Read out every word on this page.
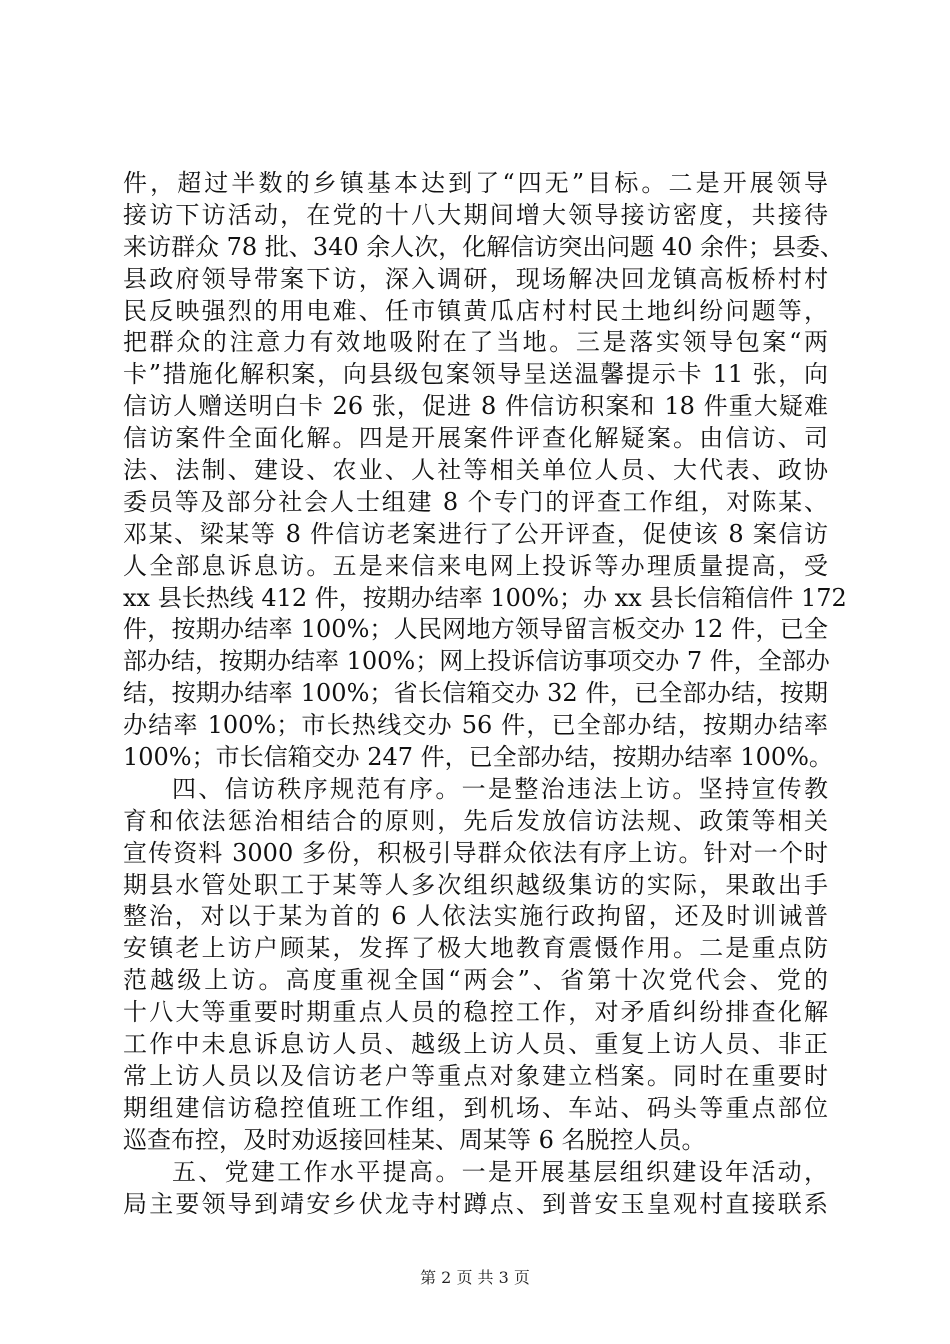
件，超过半数的乡镇基本达到了“四无”目标。二是开展领导
接访下访活动，在党的十八大期间增大领导接访密度，共接待
来访群众 78 批、340 余人次，化解信访突出问题 40 余件；县委、
县政府领导带案下访，深入调研，现场解决回龙镇高板桥村村
民反映强烈的用电难、任市镇黄瓜店村村民土地纠纷问题等，
把群众的注意力有效地吸附在了当地。三是落实领导包案“两
卡”措施化解积案，向县级包案领导呈送温馨提示卡 11 张，向
信访人赠送明白卡 26 张，促进 8 件信访积案和 18 件重大疑难
信访案件全面化解。四是开展案件评查化解疑案。由信访、司
法、法制、建设、农业、人社等相关单位人员、大代表、政协
委员等及部分社会人士组建 8 个专门的评查工作组，对陈某、
邓某、梁某等 8 件信访老案进行了公开评查，促使该 8 案信访
人全部息诉息访。五是来信来电网上投诉等办理质量提高，受
xx 县长热线 412 件，按期办结率 100%；办 xx 县长信箱信件 172
件，按期办结率 100%；人民网地方领导留言板交办 12 件，已全
部办结，按期办结率 100%；网上投诉信访事项交办 7 件，全部办
结，按期办结率 100%；省长信箱交办 32 件，已全部办结，按期
办结率 100%；市长热线交办 56 件，已全部办结，按期办结率
100%；市长信箱交办 247 件，已全部办结，按期办结率 100%。
四、信访秩序规范有序。一是整治违法上访。坚持宣传教
育和依法惩治相结合的原则，先后发放信访法规、政策等相关
宣传资料 3000 多份，积极引导群众依法有序上访。针对一个时
期县水管处职工于某等人多次组织越级集访的实际，果敢出手
整治，对以于某为首的 6 人依法实施行政拘留，还及时训诫普
安镇老上访户顾某，发挥了极大地教育震慑作用。二是重点防
范越级上访。高度重视全国“两会”、省第十次党代会、党的
十八大等重要时期重点人员的稳控工作，对矛盾纠纷排查化解
工作中未息诉息访人员、越级上访人员、重复上访人员、非正
常上访人员以及信访老户等重点对象建立档案。同时在重要时
期组建信访稳控值班工作组，到机场、车站、码头等重点部位
巡查布控，及时劝返接回桂某、周某等 6 名脱控人员。
五、党建工作水平提高。一是开展基层组织建设年活动，
局主要领导到靖安乡伏龙寺村蹲点、到普安玉皇观村直接联系
第 2 页 共 3 页
